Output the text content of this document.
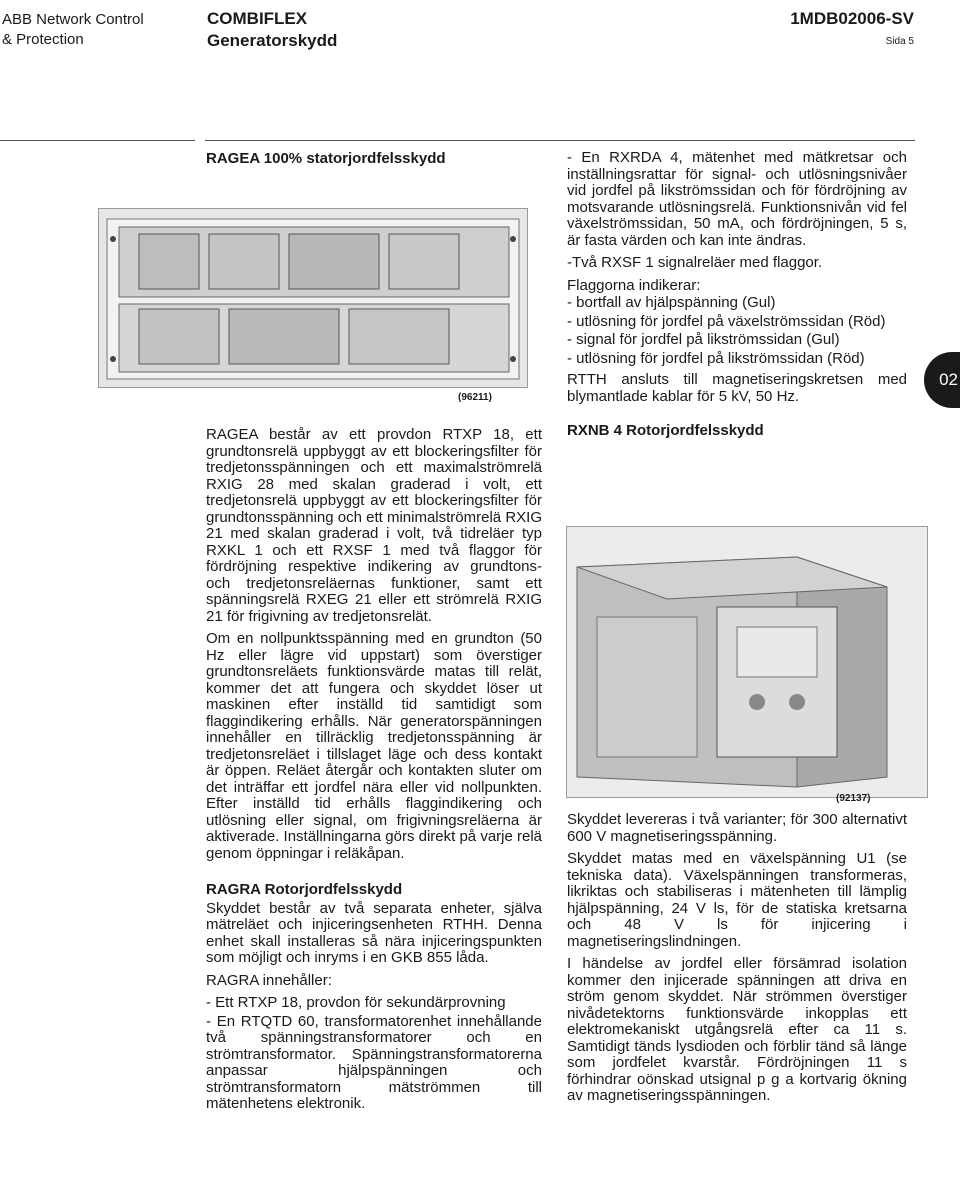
ABB Network Control
& Protection
COMBIFLEX
Generatorskydd
1MDB02006-SV
Sida 5
02
RAGEA 100% statorjordfelsskydd
(96211)

RAGEA består av ett provdon RTXP 18, ett grundtonsrelä uppbyggt av ett blockeringsfilter för tredjetonsspänningen och ett maximalströmrelä RXIG 28 med skalan graderad i volt, ett tredjetonsrelä uppbyggt av ett blockeringsfilter för grundtonsspänning och ett minimalströmrelä RXIG 21 med skalan graderad i volt, två tidreläer typ RXKL 1 och ett RXSF 1 med två flaggor för fördröjning respektive indikering av grundtons- och tredjetonsreläernas funktioner, samt ett spänningsrelä RXEG 21 eller ett strömrelä RXIG 21 för frigivning av tredjetonsrelät.

Om en nollpunktsspänning med en grundton (50 Hz eller lägre vid uppstart) som överstiger grundtonsreläets funktionsvärde matas till relät, kommer det att fungera och skyddet löser ut maskinen efter inställd tid samtidigt som flaggindikering erhålls. När generatorspänningen innehåller en tillräcklig tredjetonsspänning är tredjetonsreläet i tillslaget läge och dess kontakt är öppen. Reläet återgår och kontakten sluter om det inträffar ett jordfel nära eller vid nollpunkten. Efter inställd tid erhålls flaggindikering och utlösning eller signal, om frigivningsreläerna är aktiverade. Inställningarna görs direkt på varje relä genom öppningar i reläkåpan.

RAGRA Rotorjordfelsskydd

Skyddet består av två separata enheter, själva mätreläet och injiceringsenheten RTHH. Denna enhet skall installeras så nära injiceringspunkten som möjligt och inryms i en GKB 855 låda.

RAGRA innehåller:

- Ett RTXP 18, provdon för sekundärprovning
- En RTQTD 60, transformatorenhet innehållande två spänningstransformatorer och en strömtransformator. Spänningstransformatorerna anpassar hjälpspänningen och strömtransformatorn mätströmmen till mätenhetens elektronik.

- En RXRDA 4, mätenhet med mätkretsar och inställningsrattar för signal- och utlösningsnivåer vid jordfel på likströmssidan och för fördröjning av motsvarande utlösningsrelä. Funktionsnivån vid fel växelströmssidan, 50 mA, och fördröjningen, 5 s, är fasta värden och kan inte ändras.

-Två RXSF 1 signalreläer med flaggor.

Flaggorna indikerar:

- bortfall av hjälpspänning (Gul)
- utlösning för jordfel på växelströmssidan (Röd)
- signal för jordfel på likströmssidan (Gul)
- utlösning för jordfel på likströmssidan (Röd)

RTTH ansluts till magnetiseringskretsen med blymantlade kablar för 5 kV, 50 Hz.

RXNB 4 Rotorjordfelsskydd

(92137)

Skyddet levereras i två varianter; för 300 alternativt 600 V magnetiseringsspänning.

Skyddet matas med en växelspänning U1 (se tekniska data). Växelspänningen transformeras, likriktas och stabiliseras i mätenheten till lämplig hjälpspänning, 24 V ls, för de statiska kretsarna och 48 V ls för injicering i magnetiseringslindningen.

I händelse av jordfel eller försämrad isolation kommer den injicerade spänningen att driva en ström genom skyddet. När strömmen överstiger nivådetektorns funktionsvärde inkopplas ett elektromekaniskt utgångsrelä efter ca 11 s. Samtidigt tänds lysdioden och förblir tänd så länge som jordfelet kvarstår. Fördröjningen 11 s förhindrar oönskad utsignal p g a kortvarig ökning av magnetiseringsspänningen.
